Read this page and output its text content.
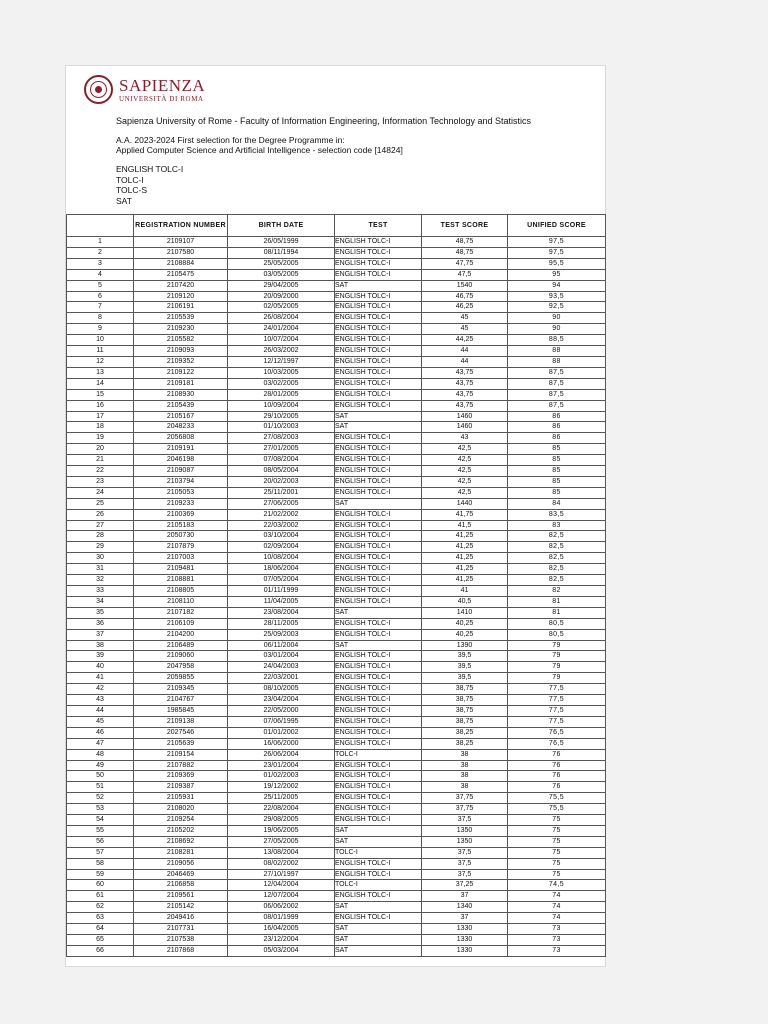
SAPIENZA
UNIVERSITÀ DI ROMA
Sapienza University of Rome - Faculty of Information Engineering, Information Technology and Statistics
A.A. 2023-2024 First selection for the Degree Programme in:
Applied Computer Science and Artificial Intelligence - selection code [14824]
ENGLISH TOLC-I
TOLC-I
TOLC-S
SAT
	REGISTRATION NUMBER	BIRTH DATE	TEST	TEST SCORE	UNIFIED SCORE
1	2109107	26/05/1999	ENGLISH TOLC-I	48,75	97,5
2	2107580	08/11/1994	ENGLISH TOLC-I	48,75	97,5
3	2108884	25/05/2005	ENGLISH TOLC-I	47,75	95,5
4	2105475	03/05/2005	ENGLISH TOLC-I	47,5	95
5	2107420	29/04/2005	SAT	1540	94
6	2109120	20/09/2000	ENGLISH TOLC-I	46,75	93,5
7	2106191	02/05/2005	ENGLISH TOLC-I	46,25	92,5
8	2105539	26/08/2004	ENGLISH TOLC-I	45	90
9	2109230	24/01/2004	ENGLISH TOLC-I	45	90
10	2105582	10/07/2004	ENGLISH TOLC-I	44,25	88,5
11	2109093	26/03/2002	ENGLISH TOLC-I	44	88
12	2109352	12/12/1997	ENGLISH TOLC-I	44	88
13	2109122	10/03/2005	ENGLISH TOLC-I	43,75	87,5
14	2109181	03/02/2005	ENGLISH TOLC-I	43,75	87,5
15	2108930	28/01/2005	ENGLISH TOLC-I	43,75	87,5
16	2105439	10/09/2004	ENGLISH TOLC-I	43,75	87,5
17	2105167	29/10/2005	SAT	1460	86
18	2048233	01/10/2003	SAT	1460	86
19	2056808	27/08/2003	ENGLISH TOLC-I	43	86
20	2109191	27/01/2005	ENGLISH TOLC-I	42,5	85
21	2046198	07/08/2004	ENGLISH TOLC-I	42,5	85
22	2109087	08/05/2004	ENGLISH TOLC-I	42,5	85
23	2103794	20/02/2003	ENGLISH TOLC-I	42,5	85
24	2105053	25/11/2001	ENGLISH TOLC-I	42,5	85
25	2109233	27/06/2005	SAT	1440	84
26	2100369	21/02/2002	ENGLISH TOLC-I	41,75	83,5
27	2105183	22/03/2002	ENGLISH TOLC-I	41,5	83
28	2050730	03/10/2004	ENGLISH TOLC-I	41,25	82,5
29	2107879	02/09/2004	ENGLISH TOLC-I	41,25	82,5
30	2107003	10/08/2004	ENGLISH TOLC-I	41,25	82,5
31	2109481	18/06/2004	ENGLISH TOLC-I	41,25	82,5
32	2108881	07/05/2004	ENGLISH TOLC-I	41,25	82,5
33	2108805	01/11/1999	ENGLISH TOLC-I	41	82
34	2108110	11/04/2005	ENGLISH TOLC-I	40,5	81
35	2107182	23/08/2004	SAT	1410	81
36	2106109	28/11/2005	ENGLISH TOLC-I	40,25	80,5
37	2104200	25/09/2003	ENGLISH TOLC-I	40,25	80,5
38	2106489	06/11/2004	SAT	1390	79
39	2109060	03/01/2004	ENGLISH TOLC-I	39,5	79
40	2047958	24/04/2003	ENGLISH TOLC-I	39,5	79
41	2059855	22/03/2001	ENGLISH TOLC-I	39,5	79
42	2109345	08/10/2005	ENGLISH TOLC-I	38,75	77,5
43	2104767	23/04/2004	ENGLISH TOLC-I	38,75	77,5
44	1985845	22/05/2000	ENGLISH TOLC-I	38,75	77,5
45	2109138	07/06/1995	ENGLISH TOLC-I	38,75	77,5
46	2027546	01/01/2002	ENGLISH TOLC-I	38,25	76,5
47	2105639	16/06/2000	ENGLISH TOLC-I	38,25	76,5
48	2109154	26/06/2004	TOLC-I	38	76
49	2107882	23/01/2004	ENGLISH TOLC-I	38	76
50	2109369	01/02/2003	ENGLISH TOLC-I	38	76
51	2109387	19/12/2002	ENGLISH TOLC-I	38	76
52	2105931	25/11/2005	ENGLISH TOLC-I	37,75	75,5
53	2108020	22/08/2004	ENGLISH TOLC-I	37,75	75,5
54	2109254	29/08/2005	ENGLISH TOLC-I	37,5	75
55	2105202	19/06/2005	SAT	1350	75
56	2108692	27/05/2005	SAT	1350	75
57	2108281	13/08/2004	TOLC-I	37,5	75
58	2109056	08/02/2002	ENGLISH TOLC-I	37,5	75
59	2046469	27/10/1997	ENGLISH TOLC-I	37,5	75
60	2106858	12/04/2004	TOLC-I	37,25	74,5
61	2109561	12/07/2004	ENGLISH TOLC-I	37	74
62	2105142	06/06/2002	SAT	1340	74
63	2049416	08/01/1999	ENGLISH TOLC-I	37	74
64	2107731	16/04/2005	SAT	1330	73
65	2107538	23/12/2004	SAT	1330	73
66	2107868	05/03/2004	SAT	1330	73
